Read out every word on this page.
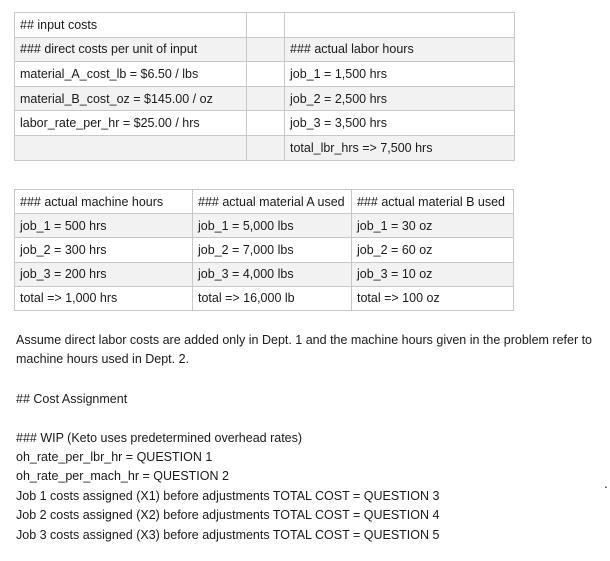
## input costs		
### direct costs per unit of input		### actual labor hours
material_A_cost_lb = $6.50 / lbs		job_1 = 1,500 hrs
material_B_cost_oz = $145.00 / oz		job_2 = 2,500 hrs
labor_rate_per_hr = $25.00 / hrs		job_3 = 3,500 hrs
		total_lbr_hrs => 7,500 hrs
### actual machine hours	### actual material A used	### actual material B used
job_1 = 500 hrs	job_1 = 5,000 lbs	job_1 = 30 oz
job_2 = 300 hrs	job_2 = 7,000 lbs	job_2 = 60 oz
job_3 = 200 hrs	job_3 = 4,000 lbs	job_3 = 10 oz
total => 1,000 hrs	total => 16,000 lb	total => 100 oz
Assume direct labor costs are added only in Dept. 1 and the machine hours given in the problem refer to machine hours used in Dept. 2.
## Cost Assignment
### WIP (Keto uses predetermined overhead rates)
oh_rate_per_lbr_hr = QUESTION 1
oh_rate_per_mach_hr = QUESTION 2
Job 1 costs assigned (X1) before adjustments TOTAL COST = QUESTION 3
Job 2 costs assigned (X2) before adjustments TOTAL COST = QUESTION 4
Job 3 costs assigned (X3) before adjustments TOTAL COST = QUESTION 5
.
